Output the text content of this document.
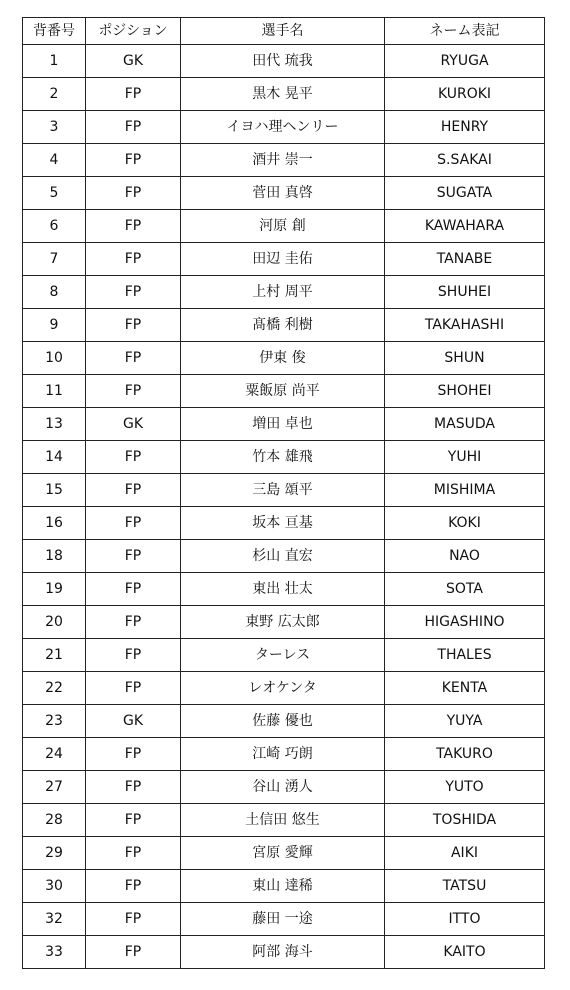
背番号	ポジション	選手名	ネーム表記
1	GK	田代 琉我	RYUGA
2	FP	黒木 晃平	KUROKI
3	FP	イヨハ理ヘンリー	HENRY
4	FP	酒井 崇一	S.SAKAI
5	FP	菅田 真啓	SUGATA
6	FP	河原 創	KAWAHARA
7	FP	田辺 圭佑	TANABE
8	FP	上村 周平	SHUHEI
9	FP	髙橋 利樹	TAKAHASHI
10	FP	伊東 俊	SHUN
11	FP	粟飯原 尚平	SHOHEI
13	GK	増田 卓也	MASUDA
14	FP	竹本 雄飛	YUHI
15	FP	三島 頌平	MISHIMA
16	FP	坂本 亘基	KOKI
18	FP	杉山 直宏	NAO
19	FP	東出 壮太	SOTA
20	FP	東野 広太郎	HIGASHINO
21	FP	ターレス	THALES
22	FP	レオケンタ	KENTA
23	GK	佐藤 優也	YUYA
24	FP	江崎 巧朗	TAKURO
27	FP	谷山 湧人	YUTO
28	FP	土信田 悠生	TOSHIDA
29	FP	宮原 愛輝	AIKI
30	FP	東山 達稀	TATSU
32	FP	藤田 一途	ITTO
33	FP	阿部 海斗	KAITO
